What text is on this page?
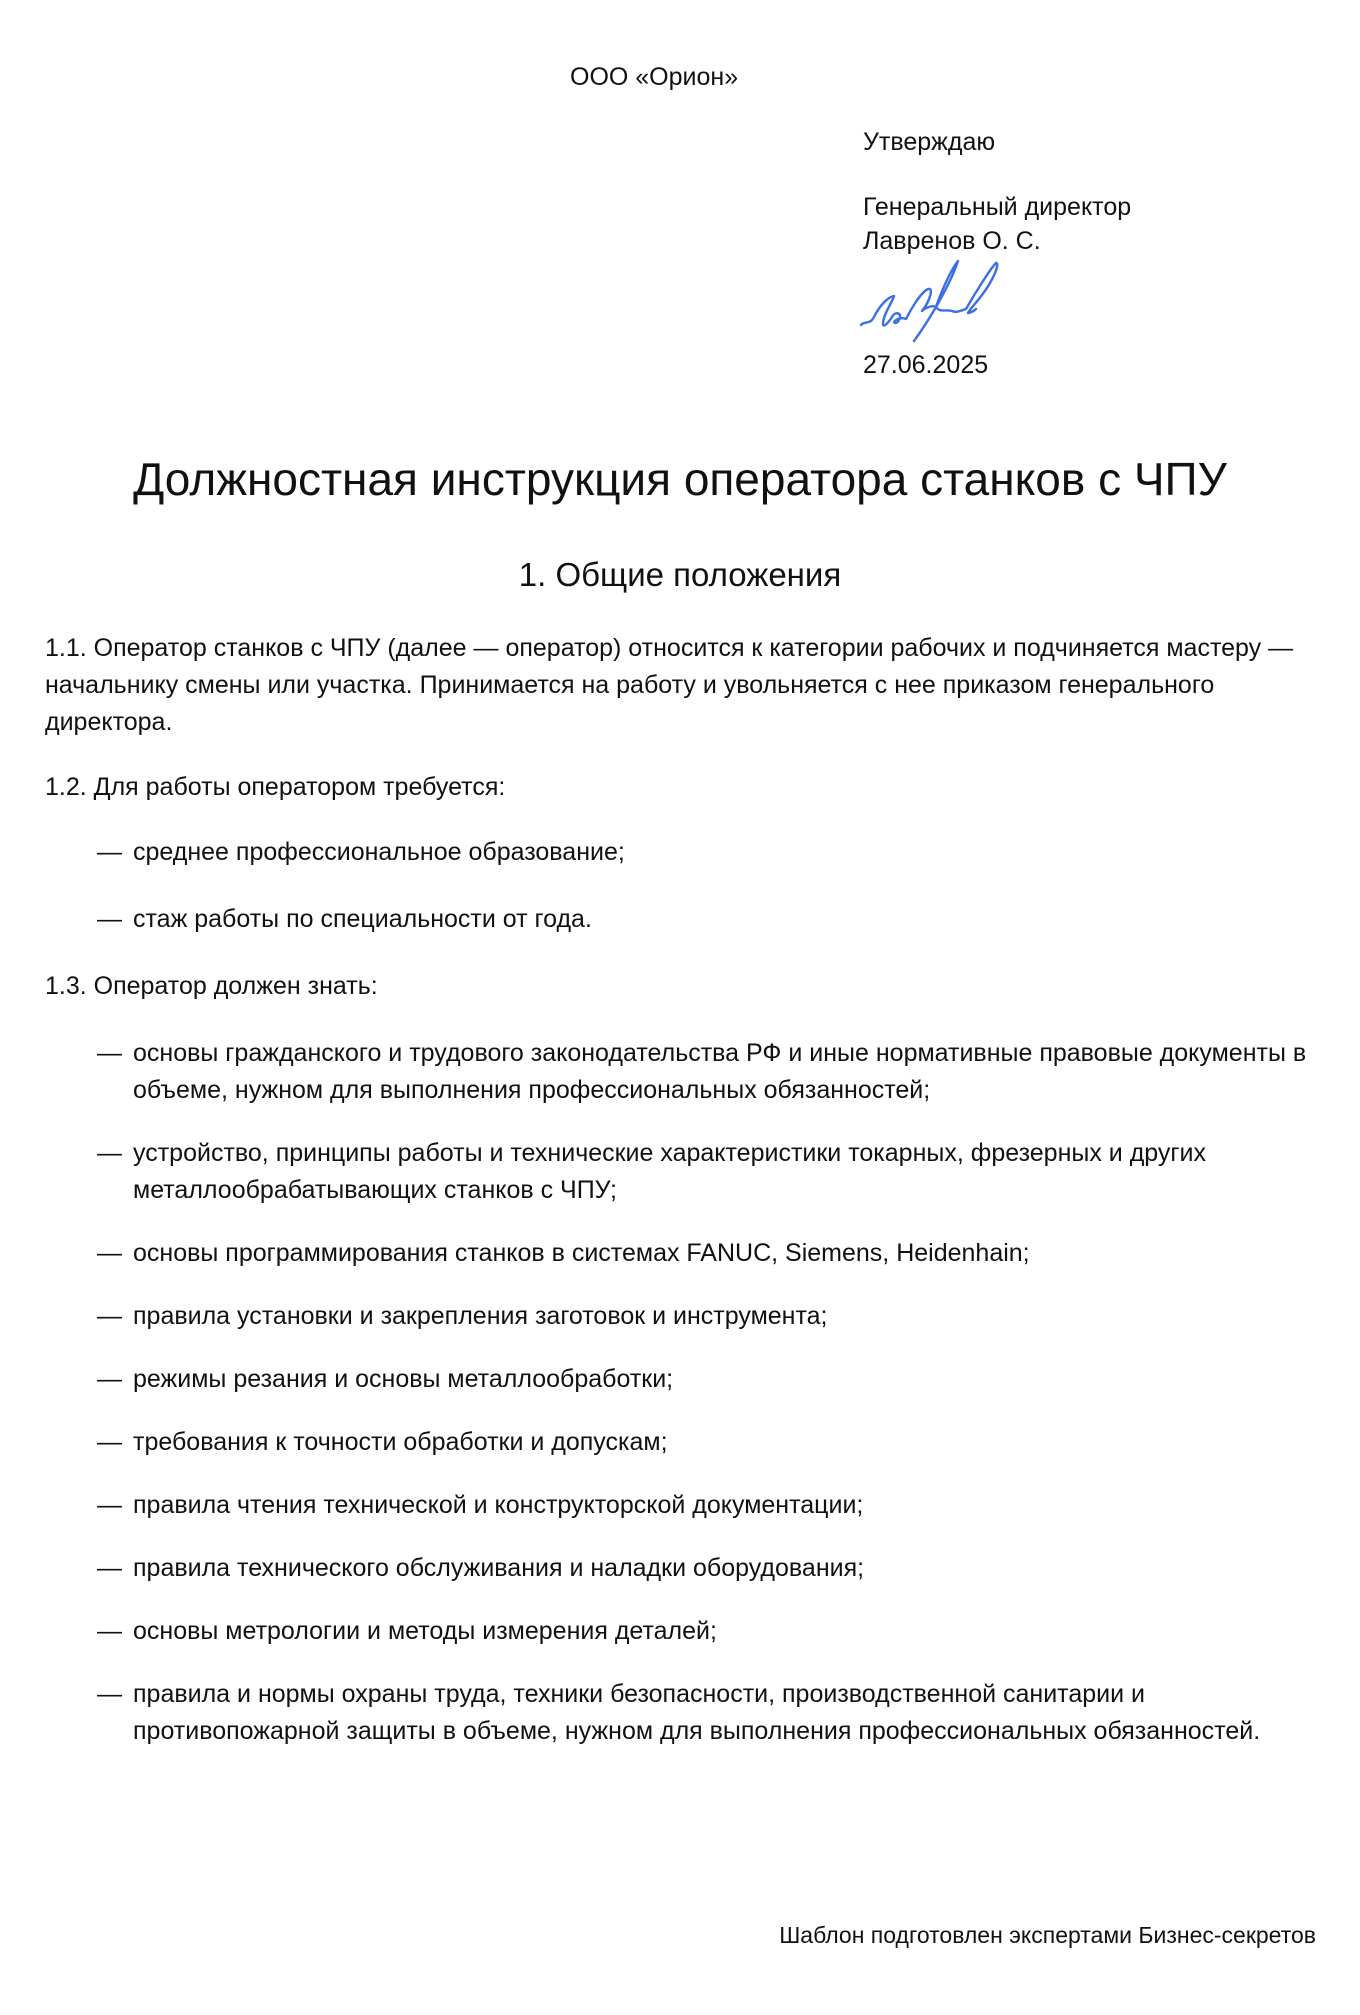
ООО «Орион»
Утверждаю
Генеральный директор
Лавренов О. С.
27.06.2025
Должностная инструкция оператора станков с ЧПУ
1. Общие положения

1.1. Оператор станков с ЧПУ (далее — оператор) относится к категории рабочих и подчиняется мастеру — начальнику смены или участка. Принимается на работу и увольняется с нее приказом генерального директора.

1.2. Для работы оператором требуется:

— среднее профессиональное образование;
— стаж работы по специальности от года.

1.3. Оператор должен знать:

— основы гражданского и трудового законодательства РФ и иные нормативные правовые документы в объеме, нужном для выполнения профессиональных обязанностей;
— устройство, принципы работы и технические характеристики токарных, фрезерных и других металлообрабатывающих станков с ЧПУ;
— основы программирования станков в системах FANUC, Siemens, Heidenhain;
— правила установки и закрепления заготовок и инструмента;
— режимы резания и основы металлообработки;
— требования к точности обработки и допускам;
— правила чтения технической и конструкторской документации;
— правила технического обслуживания и наладки оборудования;
— основы метрологии и методы измерения деталей;
— правила и нормы охраны труда, техники безопасности, производственной санитарии и противопожарной защиты в объеме, нужном для выполнения профессиональных обязанностей.
Шаблон подготовлен экспертами Бизнес-секретов
